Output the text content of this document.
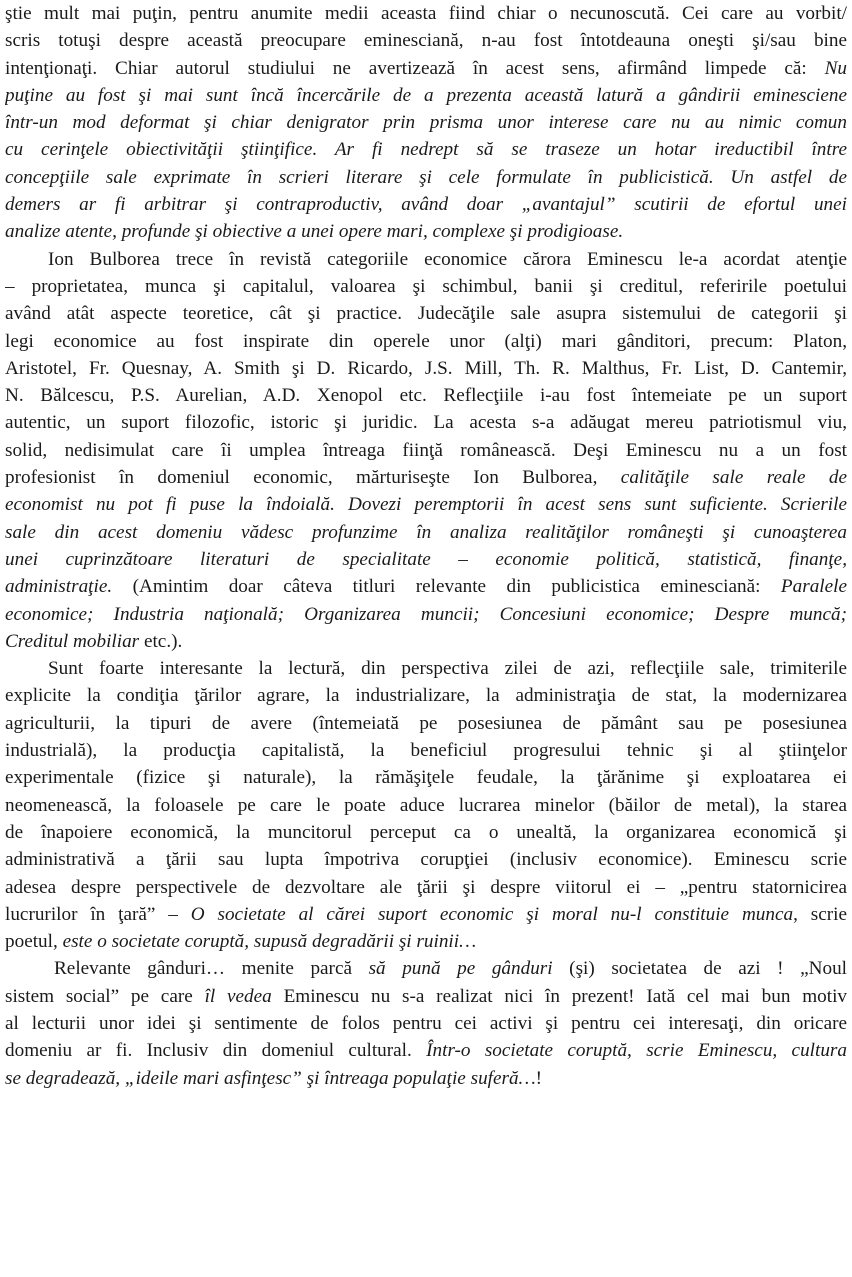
ştie mult mai puţin, pentru anumite medii aceasta fiind chiar o necunoscută. Cei care au vorbit/
scris totuşi despre această preocupare eminesciană, n-au fost întotdeauna oneşti şi/sau bine
intenţionaţi. Chiar autorul studiului ne avertizează în acest sens, afirmând limpede că: Nu
puţine au fost şi mai sunt încă încercările de a prezenta această latură a gândirii eminesciene
într-un mod deformat şi chiar denigrator prin prisma unor interese care nu au nimic comun
cu cerinţele obiectivităţii ştiinţifice. Ar fi nedrept să se traseze un hotar ireductibil între
concepţiile sale exprimate în scrieri literare şi cele formulate în publicistică. Un astfel de
demers ar fi arbitrar şi contraproductiv, având doar „avantajul” scutirii de efortul unei
analize atente, profunde şi obiective a unei opere mari, complexe şi prodigioase.
Ion Bulborea trece în revistă categoriile economice cărora Eminescu le-a acordat atenţie
– proprietatea, munca şi capitalul, valoarea şi schimbul, banii şi creditul, referirile poetului
având atât aspecte teoretice, cât şi practice. Judecăţile sale asupra sistemului de categorii şi
legi economice au fost inspirate din operele unor (alţi) mari gânditori, precum: Platon,
Aristotel, Fr. Quesnay, A. Smith şi D. Ricardo, J.S. Mill, Th. R. Malthus, Fr. List, D. Cantemir,
N. Bălcescu, P.S. Aurelian, A.D. Xenopol etc. Reflecţiile i-au fost întemeiate pe un suport
autentic, un suport filozofic, istoric şi juridic. La acesta s-a adăugat mereu patriotismul viu,
solid, nedisimulat care îi umplea întreaga fiinţă românească. Deşi Eminescu nu a un fost
profesionist în domeniul economic, mărturiseşte Ion Bulborea, calităţile sale reale de
economist nu pot fi puse la îndoială. Dovezi peremptorii în acest sens sunt suficiente. Scrierile
sale din acest domeniu vădesc profunzime în analiza realităţilor româneşti şi cunoaşterea
unei cuprinzătoare literaturi de specialitate – economie politică, statistică, finanţe,
administraţie. (Amintim doar câteva titluri relevante din publicistica eminesciană: Paralele
economice; Industria naţională; Organizarea muncii; Concesiuni economice; Despre muncă;
Creditul mobiliar etc.).
Sunt foarte interesante la lectură, din perspectiva zilei de azi, reflecţiile sale, trimiterile
explicite la condiţia ţărilor agrare, la industrializare, la administraţia de stat, la modernizarea
agriculturii, la tipuri de avere (întemeiată pe posesiunea de pământ sau pe posesiunea
industrială), la producţia capitalistă, la beneficiul progresului tehnic şi al ştiinţelor
experimentale (fizice şi naturale), la rămăşiţele feudale, la ţărănime şi exploatarea ei
neomenească, la foloasele pe care le poate aduce lucrarea minelor (băilor de metal), la starea
de înapoiere economică, la muncitorul perceput ca o unealtă, la organizarea economică şi
administrativă a ţării sau lupta împotriva corupţiei (inclusiv economice). Eminescu scrie
adesea despre perspectivele de dezvoltare ale ţării şi despre viitorul ei – „pentru statornicirea
lucrurilor în ţară” – O societate al cărei suport economic şi moral nu-l constituie munca, scrie
poetul, este o societate coruptă, supusă degradării şi ruinii…
Relevante gânduri… menite parcă să pună pe gânduri (şi) societatea de azi ! „Noul
sistem social” pe care îl vedea Eminescu nu s-a realizat nici în prezent! Iată cel mai bun motiv
al lecturii unor idei şi sentimente de folos pentru cei activi şi pentru cei interesaţi, din oricare
domeniu ar fi. Inclusiv din domeniul cultural. Într-o societate coruptă, scrie Eminescu, cultura
se degradează, „ideile mari asfinţesc” şi întreaga populaţie suferă…!
